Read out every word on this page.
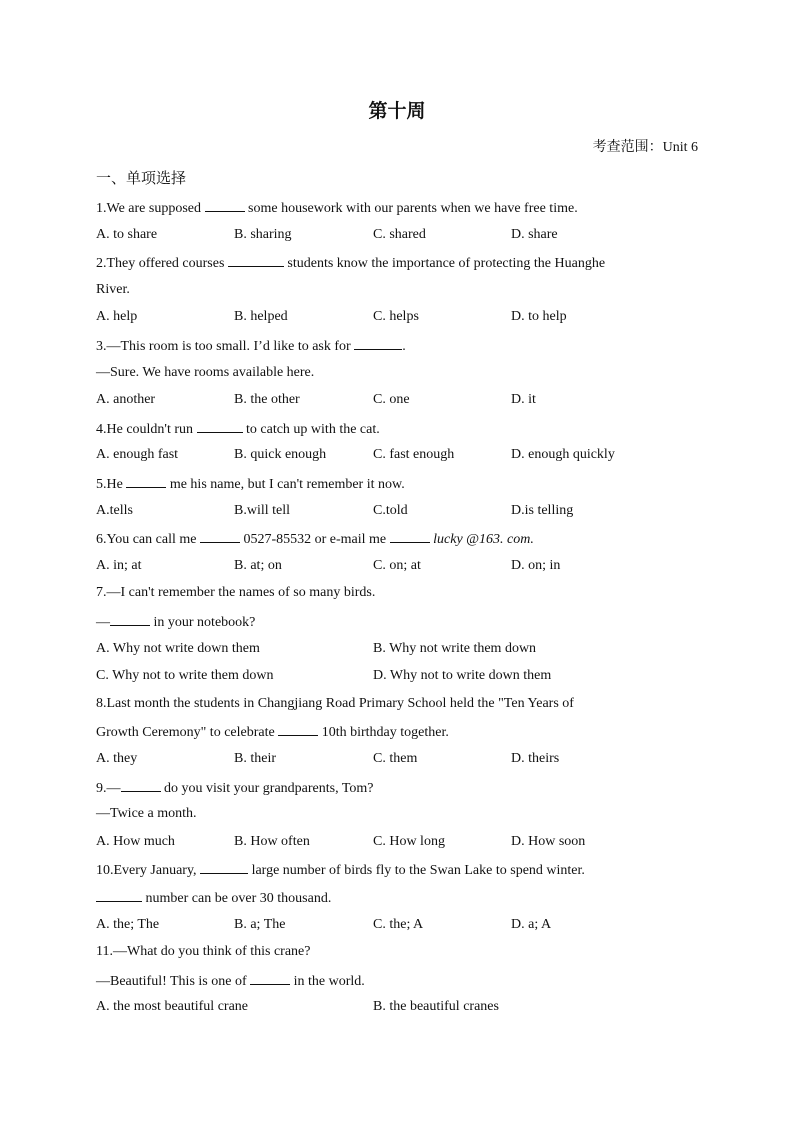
第十周
考查范围：Unit 6
一、单项选择
1.We are supposed	some housework with our parents when we have free time.
A. to share	B. sharing	C. shared	D. share
2.They offered courses	students know the importance of protecting the Huanghe
River.
A. help	B. helped	C. helps	D. to help
3.—This room is too small. I’d like to ask for	.
—Sure. We have rooms available here.
A. another	B. the other	C. one	D. it
4.He couldn't run	to catch up with the cat.
A. enough fast	B. quick enough	C. fast enough	D. enough quickly
5.He	me his name, but I can't remember it now.
A.tells	B.will tell	C.told	D.is telling
6.You can call me	0527-85532 or e-mail me	lucky @163. com.
A. in; at	B. at; on	C. on; at	D. on; in
7.—I can't remember the names of so many birds.
—	in your notebook?
A. Why not write down them	B. Why not write them down
C. Why not to write them down	D. Why not to write down them
8.Last month the students in Changjiang Road Primary School held the "Ten Years of
Growth Ceremony" to celebrate	10th birthday together.
A. they	B. their	C. them	D. theirs
9.—	do you visit your grandparents, Tom?
—Twice a month.
A. How much	B. How often	C. How long	D. How soon
10.Every January,	large number of birds fly to the Swan Lake to spend winter.
number can be over 30 thousand.
A. the; The	B. a; The	C. the; A	D. a; A
11.—What do you think of this crane?
—Beautiful! This is one of	in the world.
A. the most beautiful crane	B. the beautiful cranes
